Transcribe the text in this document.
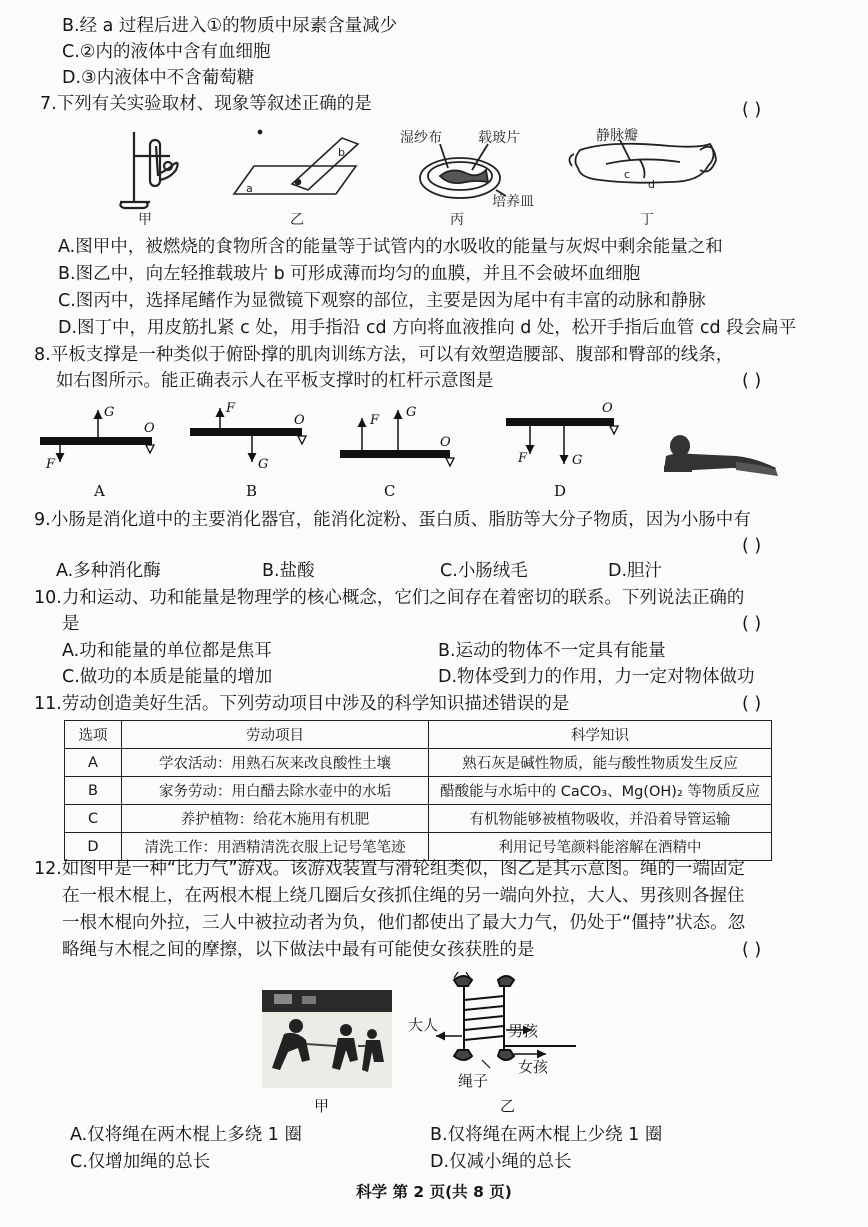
B.经 a 过程后进入①的物质中尿素含量减少
C.②内的液体中含有血细胞
D.③内液体中不含葡萄糖
7.下列有关实验取材、现象等叙述正确的是	( )
甲
a
b
乙
湿纱布	载玻片
培养皿
丙
静脉瓣
c
d
丁
A.图甲中，被燃烧的食物所含的能量等于试管内的水吸收的能量与灰烬中剩余能量之和
B.图乙中，向左轻推载玻片 b 可形成薄而均匀的血膜，并且不会破坏血细胞
C.图丙中，选择尾鳍作为显微镜下观察的部位，主要是因为尾中有丰富的动脉和静脉
D.图丁中，用皮筋扎紧 c 处，用手指沿 cd 方向将血液推向 d 处，松开手指后血管 cd 段会扁平
8.平板支撑是一种类似于俯卧撑的肌肉训练方法，可以有效塑造腰部、腹部和臀部的线条，
如右图所示。能正确表示人在平板支撑时的杠杆示意图是	( )
F
G
O
A
F
G
O
B
F
G
O
C
F	G
O
D
9.小肠是消化道中的主要消化器官，能消化淀粉、蛋白质、脂肪等大分子物质，因为小肠中有
( )
A.多种消化酶	B.盐酸	C.小肠绒毛	D.胆汁
10.力和运动、功和能量是物理学的核心概念，它们之间存在着密切的联系。下列说法正确的
是	( )
A.功和能量的单位都是焦耳	B.运动的物体不一定具有能量
C.做功的本质是能量的增加	D.物体受到力的作用，力一定对物体做功
11.劳动创造美好生活。下列劳动项目中涉及的科学知识描述错误的是	( )
选项	劳动项目	科学知识
A	学农活动：用熟石灰来改良酸性土壤	熟石灰是碱性物质，能与酸性物质发生反应
B	家务劳动：用白醋去除水壶中的水垢	醋酸能与水垢中的 CaCO₃、Mg(OH)₂ 等物质反应
C	养护植物：给花木施用有机肥	有机物能够被植物吸收，并沿着导管运输
D	清洗工作：用酒精清洗衣服上记号笔笔迹	利用记号笔颜料能溶解在酒精中
12.如图甲是一种“比力气”游戏。该游戏装置与滑轮组类似，图乙是其示意图。绳的一端固定
在一根木棍上，在两根木棍上绕几圈后女孩抓住绳的另一端向外拉，大人、男孩则各握住
一根木棍向外拉，三人中被拉动者为负，他们都使出了最大力气，仍处于“僵持”状态。忽
略绳与木棍之间的摩擦，以下做法中最有可能使女孩获胜的是	( )
甲
大人	男孩
女孩
绳子
乙
A.仅将绳在两木棍上多绕 1 圈	B.仅将绳在两木棍上少绕 1 圈
C.仅增加绳的总长	D.仅减小绳的总长
科学 第 2 页(共 8 页)
